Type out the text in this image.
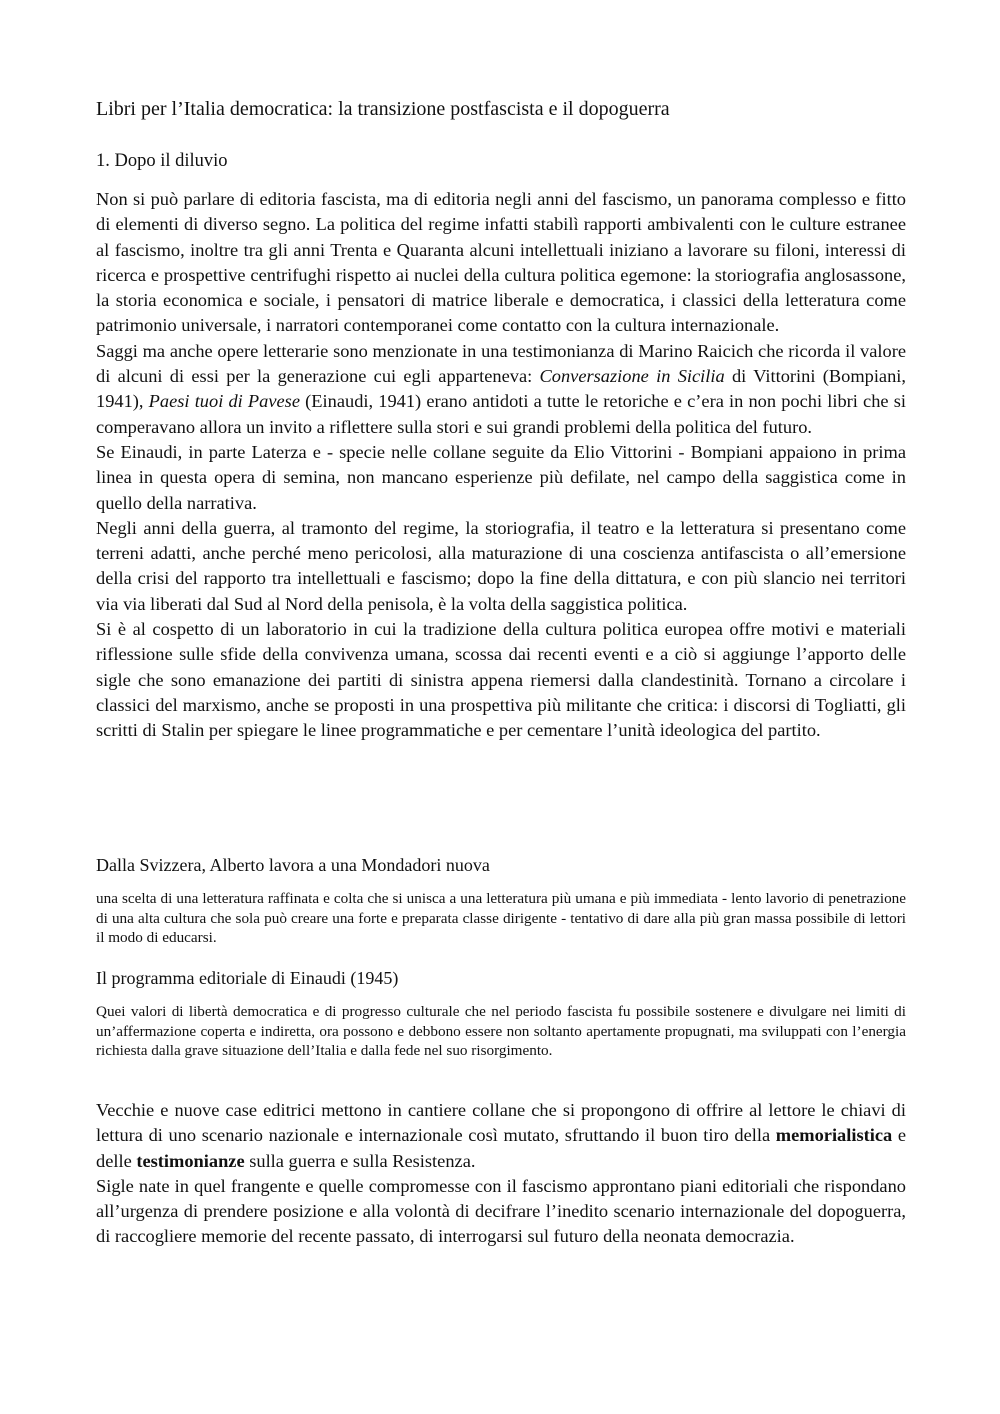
Libri per l’Italia democratica: la transizione postfascista e il dopoguerra
1. Dopo il diluvio

Non si può parlare di editoria fascista, ma di editoria negli anni del fascismo, un panorama complesso e fitto di elementi di diverso segno. La politica del regime infatti stabilì rapporti ambivalenti con le culture estranee al fascismo, inoltre tra gli anni Trenta e Quaranta alcuni intellettuali iniziano a lavorare su filoni, interessi di ricerca e prospettive centrifughi rispetto ai nuclei della cultura politica egemone: la storiografia anglosassone, la storia economica e sociale, i pensatori di matrice liberale e democratica, i classici della letteratura come patrimonio universale, i narratori contemporanei come contatto con la cultura internazionale.

Saggi ma anche opere letterarie sono menzionate in una testimonianza di Marino Raicich che ricorda il valore di alcuni di essi per la generazione cui egli apparteneva: Conversazione in Sicilia di Vittorini (Bompiani, 1941), Paesi tuoi di Pavese (Einaudi, 1941) erano antidoti a tutte le retoriche e c’era in non pochi libri che si comperavano allora un invito a riflettere sulla stori e sui grandi problemi della politica del futuro.

Se Einaudi, in parte Laterza e - specie nelle collane seguite da Elio Vittorini - Bompiani appaiono in prima linea in questa opera di semina, non mancano esperienze più defilate, nel campo della saggistica come in quello della narrativa.

Negli anni della guerra, al tramonto del regime, la storiografia, il teatro e la letteratura si presentano come terreni adatti, anche perché meno pericolosi, alla maturazione di una coscienza antifascista o all’emersione della crisi del rapporto tra intellettuali e fascismo; dopo la fine della dittatura, e con più slancio nei territori via via liberati dal Sud al Nord della penisola, è la volta della saggistica politica.

Si è al cospetto di un laboratorio in cui la tradizione della cultura politica europea offre motivi e materiali riflessione sulle sfide della convivenza umana, scossa dai recenti eventi e a ciò si aggiunge l’apporto delle sigle che sono emanazione dei partiti di sinistra appena riemersi dalla clandestinità. Tornano a circolare i classici del marxismo, anche se proposti in una prospettiva più militante che critica: i discorsi di Togliatti, gli scritti di Stalin per spiegare le linee programmatiche e per cementare l’unità ideologica del partito.

Dalla Svizzera, Alberto lavora a una Mondadori nuova

una scelta di una letteratura raffinata e colta che si unisca a una letteratura più umana e più immediata - lento lavorio di penetrazione di una alta cultura che sola può creare una forte e preparata classe dirigente - tentativo di dare alla più gran massa possibile di lettori il modo di educarsi.

Il programma editoriale di Einaudi (1945)

Quei valori di libertà democratica e di progresso culturale che nel periodo fascista fu possibile sostenere e divulgare nei limiti di un’affermazione coperta e indiretta, ora possono e debbono essere non soltanto apertamente propugnati, ma sviluppati con l’energia richiesta dalla grave situazione dell’Italia e dalla fede nel suo risorgimento.

Vecchie e nuove case editrici mettono in cantiere collane che si propongono di offrire al lettore le chiavi di lettura di uno scenario nazionale e internazionale così mutato, sfruttando il buon tiro della memorialistica e delle testimonianze sulla guerra e sulla Resistenza.

Sigle nate in quel frangente e quelle compromesse con il fascismo approntano piani editoriali che rispondano all’urgenza di prendere posizione e alla volontà di decifrare l’inedito scenario internazionale del dopoguerra, di raccogliere memorie del recente passato, di interrogarsi sul futuro della neonata democrazia.
